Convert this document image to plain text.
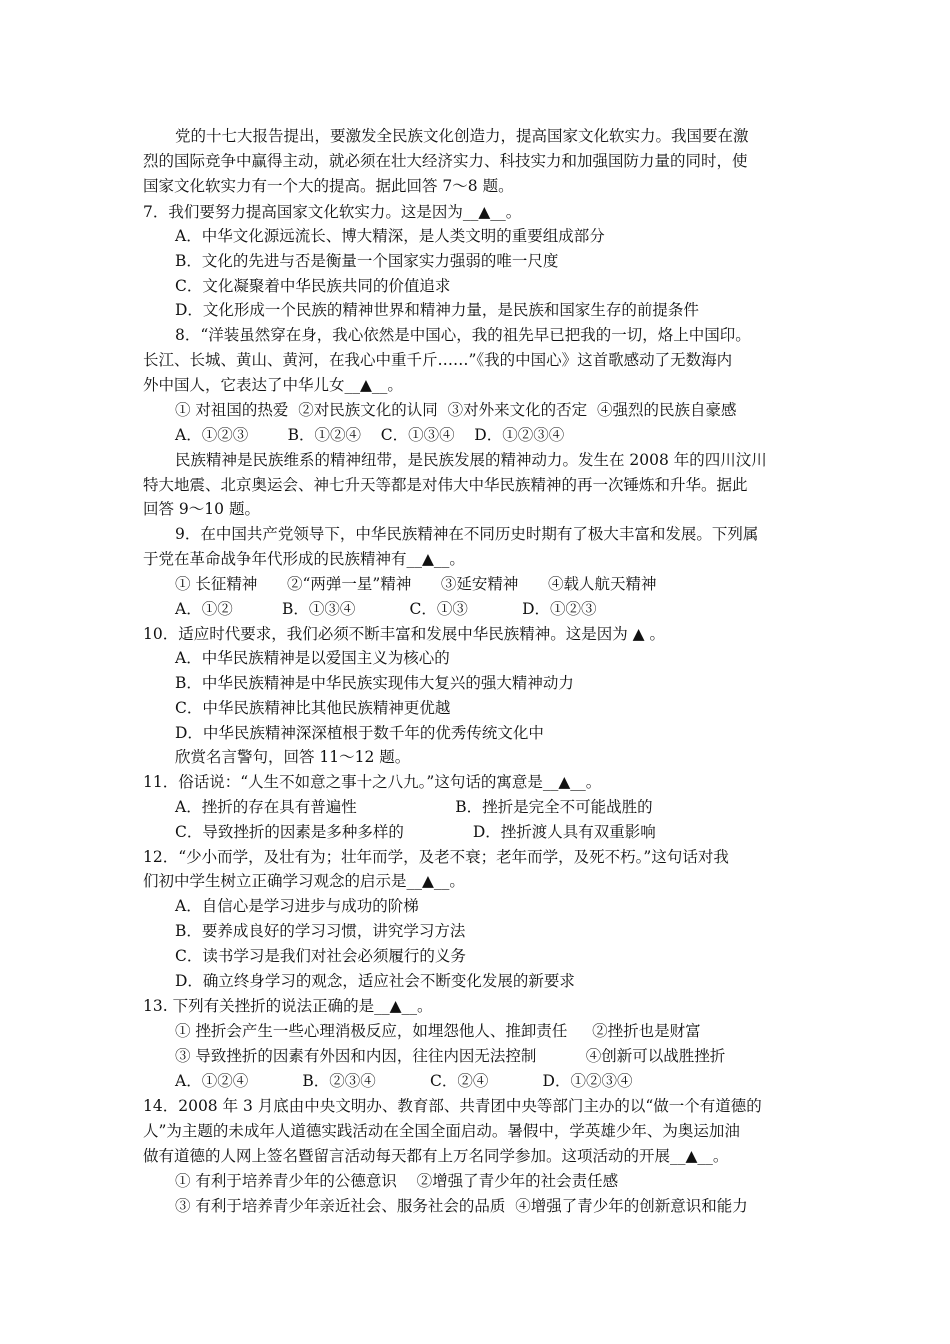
党的十七大报告提出，要激发全民族文化创造力，提高国家文化软实力。我国要在激
烈的国际竞争中赢得主动，就必须在壮大经济实力、科技实力和加强国防力量的同时，使
国家文化软实力有一个大的提高。据此回答 7～8 题。
7．我们要努力提高国家文化软实力。这是因为__▲__。
A．中华文化源远流长、博大精深，是人类文明的重要组成部分
B．文化的先进与否是衡量一个国家实力强弱的唯一尺度
C．文化凝聚着中华民族共同的价值追求
D．文化形成一个民族的精神世界和精神力量，是民族和国家生存的前提条件
8．“洋装虽然穿在身，我心依然是中国心，我的祖先早已把我的一切，烙上中国印。
长江、长城、黄山、黄河，在我心中重千斤……”《我的中国心》这首歌感动了无数海内
外中国人，它表达了中华儿女__▲__。
① 对祖国的热爱  ②对民族文化的认同  ③对外来文化的否定  ④强烈的民族自豪感
A．①②③        B．①②④    C．①③④    D．①②③④
民族精神是民族维系的精神纽带，是民族发展的精神动力。发生在 2008 年的四川汶川
特大地震、北京奥运会、神七升天等都是对伟大中华民族精神的再一次锤炼和升华。据此
回答 9～10 题。
9．在中国共产党领导下，中华民族精神在不同历史时期有了极大丰富和发展。下列属
于党在革命战争年代形成的民族精神有__▲__。
① 长征精神      ②“两弹一星”精神      ③延安精神      ④载人航天精神
A．①②          B．①③④           C．①③           D．①②③
10．适应时代要求，我们必须不断丰富和发展中华民族精神。这是因为 ▲ 。
A．中华民族精神是以爱国主义为核心的
B．中华民族精神是中华民族实现伟大复兴的强大精神动力
C．中华民族精神比其他民族精神更优越
D．中华民族精神深深植根于数千年的优秀传统文化中
欣赏名言警句，回答 11～12 题。
11．俗话说：“人生不如意之事十之八九。”这句话的寓意是__▲__。
A．挫折的存在具有普遍性                    B．挫折是完全不可能战胜的
C．导致挫折的因素是多种多样的              D．挫折渡人具有双重影响
12．“少小而学，及壮有为；壮年而学，及老不衰；老年而学，及死不朽。”这句话对我
们初中学生树立正确学习观念的启示是__▲__。
A．自信心是学习进步与成功的阶梯
B．要养成良好的学习习惯，讲究学习方法
C．读书学习是我们对社会必须履行的义务
D．确立终身学习的观念，适应社会不断变化发展的新要求
13. 下列有关挫折的说法正确的是__▲__。
① 挫折会产生一些心理消极反应，如埋怨他人、推卸责任     ②挫折也是财富
③ 导致挫折的因素有外因和内因，往往内因无法控制          ④创新可以战胜挫折
A．①②④           B．②③④           C．②④           D．①②③④
14．2008 年 3 月底由中央文明办、教育部、共青团中央等部门主办的以“做一个有道德的
人”为主题的未成年人道德实践活动在全国全面启动。暑假中，学英雄少年、为奥运加油
做有道德的人网上签名暨留言活动每天都有上万名同学参加。这项活动的开展__▲__。
① 有利于培养青少年的公德意识    ②增强了青少年的社会责任感
③ 有利于培养青少年亲近社会、服务社会的品质  ④增强了青少年的创新意识和能力
